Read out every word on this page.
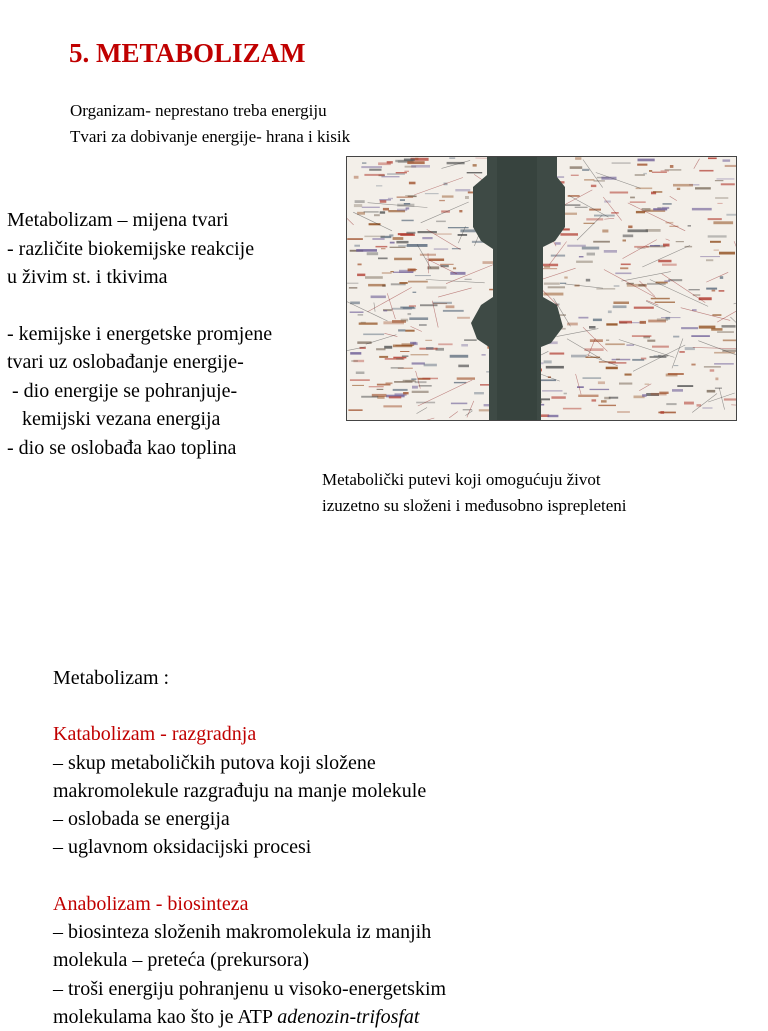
5. METABOLIZAM
Organizam- neprestano treba energiju
Tvari za dobivanje energije- hrana i kisik
Metabolizam – mijena tvari
- različite biokemijske reakcije
u živim st. i tkivima
- kemijske i energetske promjene
tvari uz oslobađanje energije-
- dio energije se pohranjuje-
kemijski vezana energija
- dio se oslobađa kao toplina
Metabolički putevi koji omogućuju život
izuzetno su složeni i međusobno isprepleteni
Metabolizam :
Katabolizam - razgradnja
– skup metaboličkih putova koji složene
makromolekule razgrađuju na manje molekule
– oslobada se energija
– uglavnom oksidacijski procesi
Anabolizam - biosinteza
– biosinteza složenih makromolekula iz manjih
molekula – preteća (prekursora)
– troši energiju pohranjenu u visoko-energetskim
molekulama kao što je ATP adenozin-trifosfat
